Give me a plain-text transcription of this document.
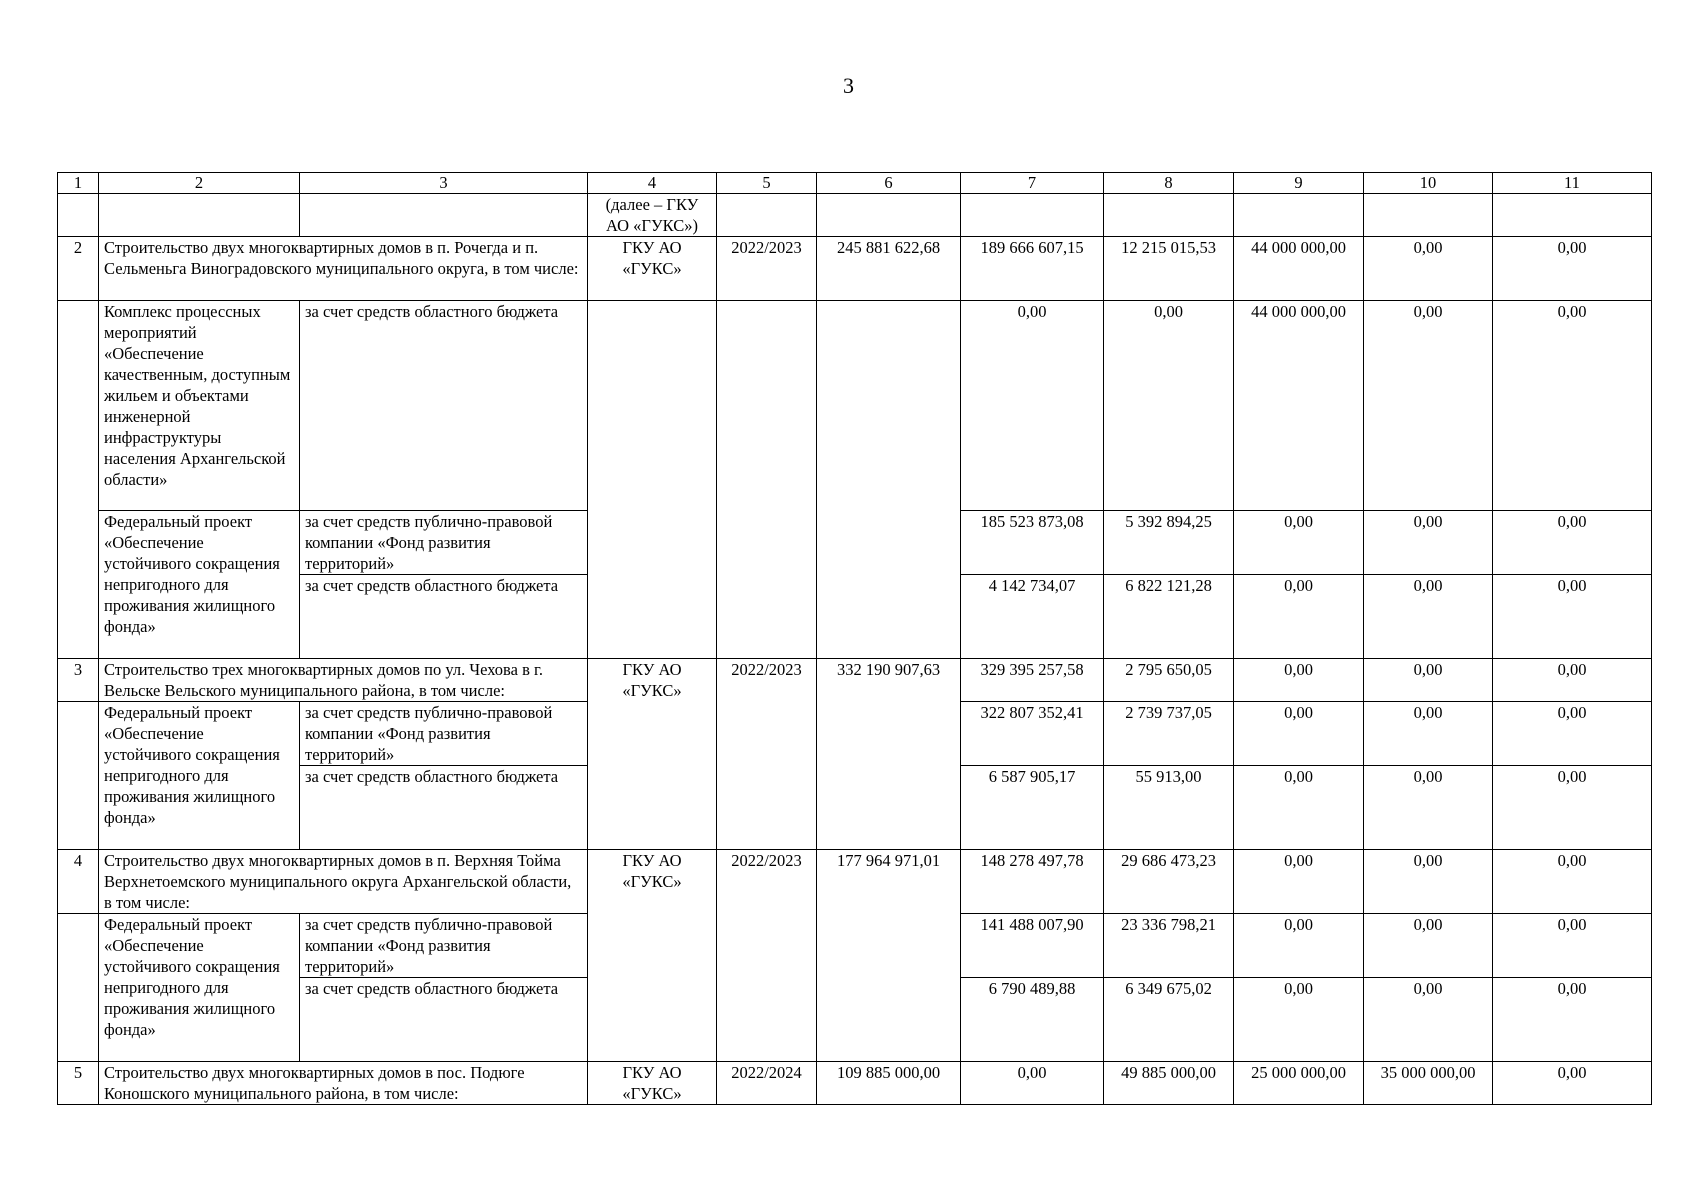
3
1	2	3	4	5	6	7	8	9	10	11
			(далее – ГКУ АО «ГУКС»)							
2	Строительство двух многоквартирных домов в п. Рочегда и п. Сельменьга Виноградовского муниципального округа, в том числе:		ГКУ АО «ГУКС»	2022/2023	245 881 622,68	189 666 607,15	12 215 015,53	44 000 000,00	0,00	0,00
	Комплекс процессных мероприятий «Обеспечение качественным, доступным жильем и объектами инженерной инфраструктуры населения Архангельской области»	за счет средств областного бюджета				0,00	0,00	44 000 000,00	0,00	0,00
	Федеральный проект «Обеспечение устойчивого сокращения непригодного для проживания жилищного фонда»	за счет средств публично-правовой компании «Фонд развития территорий»				185 523 873,08	5 392 894,25	0,00	0,00	0,00
		за счет средств областного бюджета				4 142 734,07	6 822 121,28	0,00	0,00	0,00
3	Строительство трех многоквартирных домов по ул. Чехова в г. Вельске Вельского муниципального района, в том числе:		ГКУ АО «ГУКС»	2022/2023	332 190 907,63	329 395 257,58	2 795 650,05	0,00	0,00	0,00
	Федеральный проект «Обеспечение устойчивого сокращения непригодного для проживания жилищного фонда»	за счет средств публично-правовой компании «Фонд развития территорий»				322 807 352,41	2 739 737,05	0,00	0,00	0,00
		за счет средств областного бюджета				6 587 905,17	55 913,00	0,00	0,00	0,00
4	Строительство двух многоквартирных домов в п. Верхняя Тойма Верхнетоемского муниципального округа Архангельской области, в том числе:		ГКУ АО «ГУКС»	2022/2023	177 964 971,01	148 278 497,78	29 686 473,23	0,00	0,00	0,00
	Федеральный проект «Обеспечение устойчивого сокращения непригодного для проживания жилищного фонда»	за счет средств публично-правовой компании «Фонд развития территорий»				141 488 007,90	23 336 798,21	0,00	0,00	0,00
		за счет средств областного бюджета				6 790 489,88	6 349 675,02	0,00	0,00	0,00
5	Строительство двух многоквартирных домов в пос. Подюге Коношского муниципального района, в том числе:		ГКУ АО «ГУКС»	2022/2024	109 885 000,00	0,00	49 885 000,00	25 000 000,00	35 000 000,00	0,00
